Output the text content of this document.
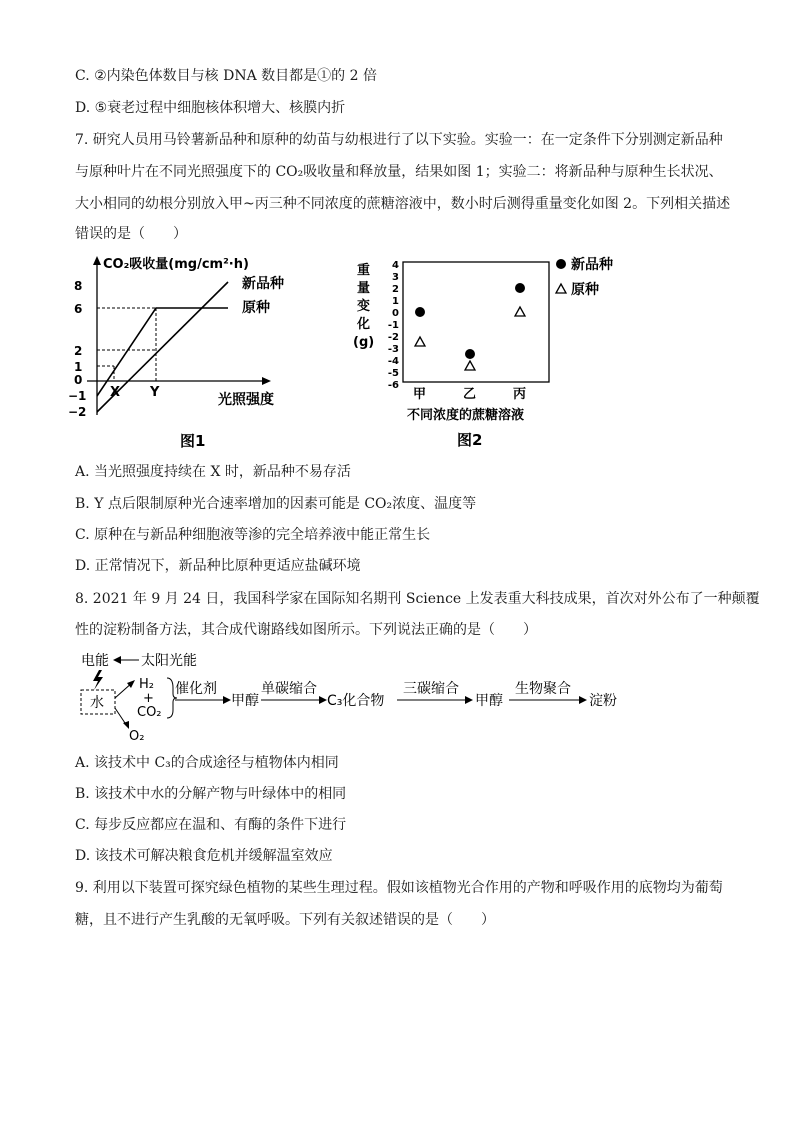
C. ②内染色体数目与核 DNA 数目都是①的 2 倍
D. ⑤衰老过程中细胞核体积增大、核膜内折
7. 研究人员用马铃薯新品种和原种的幼苗与幼根进行了以下实验。实验一：在一定条件下分别测定新品种
与原种叶片在不同光照强度下的 CO₂吸收量和释放量，结果如图 1；实验二：将新品种与原种生长状况、
大小相同的幼根分别放入甲~丙三种不同浓度的蔗糖溶液中，数小时后测得重量变化如图 2。下列相关描述
错误的是（　　）
CO₂吸收量(mg/cm²·h)
光照强度
8
6
2
1
0
−1
−2
X Y
新品种
原种
图1
重
量
变
化
(g)
4
3
2
1
0
-1
-2
-3
-4
-5
-6
甲	乙	丙
不同浓度的蔗糖溶液
新品种
原种
图2
A. 当光照强度持续在 X 时，新品种不易存活
B. Y 点后限制原种光合速率增加的因素可能是 CO₂浓度、温度等
C. 原种在与新品种细胞液等渗的完全培养液中能正常生长
D. 正常情况下，新品种比原种更适应盐碱环境
8. 2021 年 9 月 24 日，我国科学家在国际知名期刊 Science 上发表重大科技成果，首次对外公布了一种颠覆
性的淀粉制备方法，其合成代谢路线如图所示。下列说法正确的是（　　）
电能 太阳光能
水
H₂
+
CO₂
O₂
催化剂
甲醇
单碳缩合
C₃化合物
三碳缩合
甲醇
生物聚合
淀粉
A. 该技术中 C₃的合成途径与植物体内相同
B. 该技术中水的分解产物与叶绿体中的相同
C. 每步反应都应在温和、有酶的条件下进行
D. 该技术可解决粮食危机并缓解温室效应
9. 利用以下装置可探究绿色植物的某些生理过程。假如该植物光合作用的产物和呼吸作用的底物均为葡萄
糖，且不进行产生乳酸的无氧呼吸。下列有关叙述错误的是（　　）
